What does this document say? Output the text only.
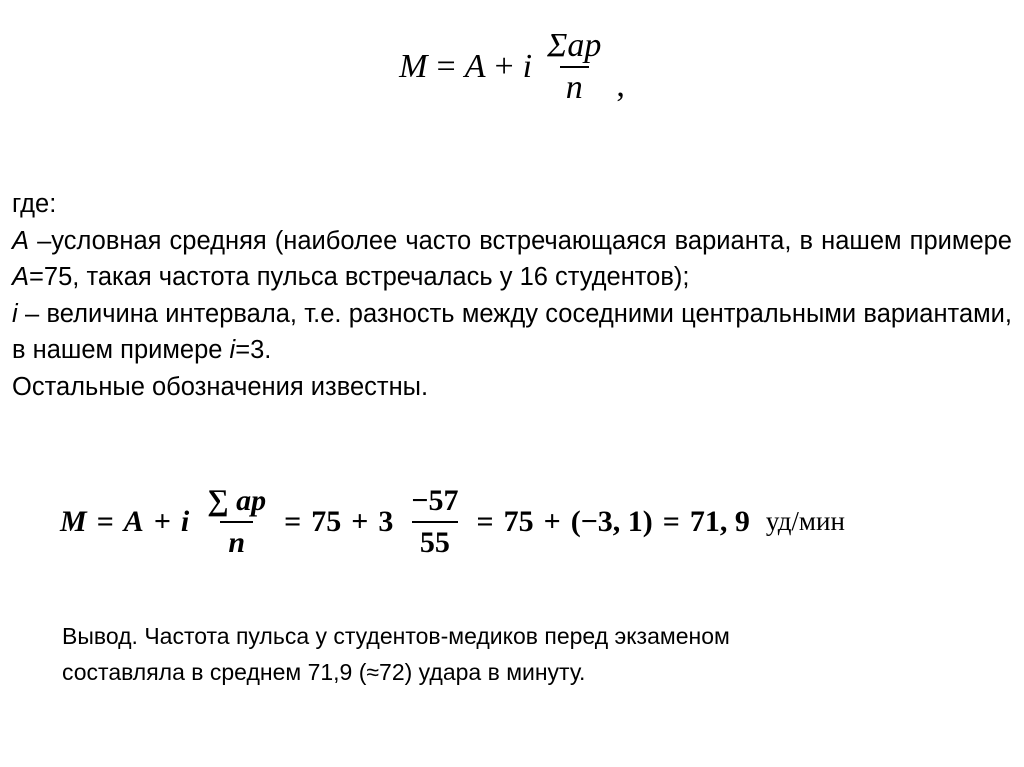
M = A + i $\frac{\text{Σap}}{n}$ ,

где:

A –условная средняя (наиболее часто встречающаяся варианта, в нашем примере A=75, такая частота пульса встречалась у 16 студентов);

i – величина интервала, т.е. разность между соседними центральными вариантами, в нашем примере i=3.

Остальные обозначения известны.

M = A + i $\frac{\sum ap}{n} = 75 + 3 \frac{-57}{55} = 75 + (-3$, 1) = 71, 9 уд/мин

Вывод. Частота пульса у студентов-медиков перед экзаменом

составляла в среднем 71,9 (≈72) удара в минуту.
